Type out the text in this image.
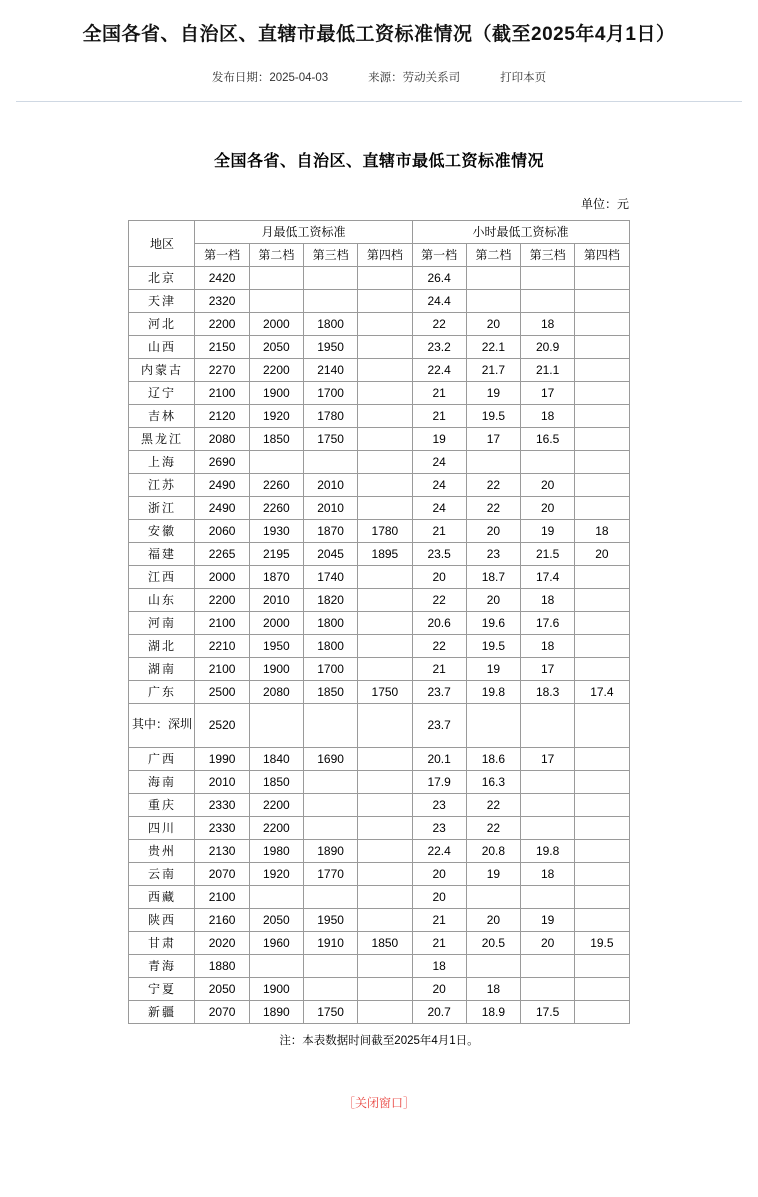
全国各省、自治区、直辖市最低工资标准情况（截至2025年4月1日）
发布日期：2025-04-03	来源：劳动关系司	打印本页
全国各省、自治区、直辖市最低工资标准情况
单位：元
地区	月最低工资标准				小时最低工资标准			
	第一档	第二档	第三档	第四档	第一档	第二档	第三档	第四档
北京	2420				26.4			
天津	2320				24.4			
河北	2200	2000	1800		22	20	18	
山西	2150	2050	1950		23.2	22.1	20.9	
内蒙古	2270	2200	2140		22.4	21.7	21.1	
辽宁	2100	1900	1700		21	19	17	
吉林	2120	1920	1780		21	19.5	18	
黑龙江	2080	1850	1750		19	17	16.5	
上海	2690				24			
江苏	2490	2260	2010		24	22	20	
浙江	2490	2260	2010		24	22	20	
安徽	2060	1930	1870	1780	21	20	19	18
福建	2265	2195	2045	1895	23.5	23	21.5	20
江西	2000	1870	1740		20	18.7	17.4	
山东	2200	2010	1820		22	20	18	
河南	2100	2000	1800		20.6	19.6	17.6	
湖北	2210	1950	1800		22	19.5	18	
湖南	2100	1900	1700		21	19	17	
广东	2500	2080	1850	1750	23.7	19.8	18.3	17.4
其中：深圳	2520				23.7			
广西	1990	1840	1690		20.1	18.6	17	
海南	2010	1850			17.9	16.3		
重庆	2330	2200			23	22		
四川	2330	2200			23	22		
贵州	2130	1980	1890		22.4	20.8	19.8	
云南	2070	1920	1770		20	19	18	
西藏	2100				20			
陕西	2160	2050	1950		21	20	19	
甘肃	2020	1960	1910	1850	21	20.5	20	19.5
青海	1880				18			
宁夏	2050	1900			20	18		
新疆	2070	1890	1750		20.7	18.9	17.5	
注：本表数据时间截至2025年4月1日。
［关闭窗口］
